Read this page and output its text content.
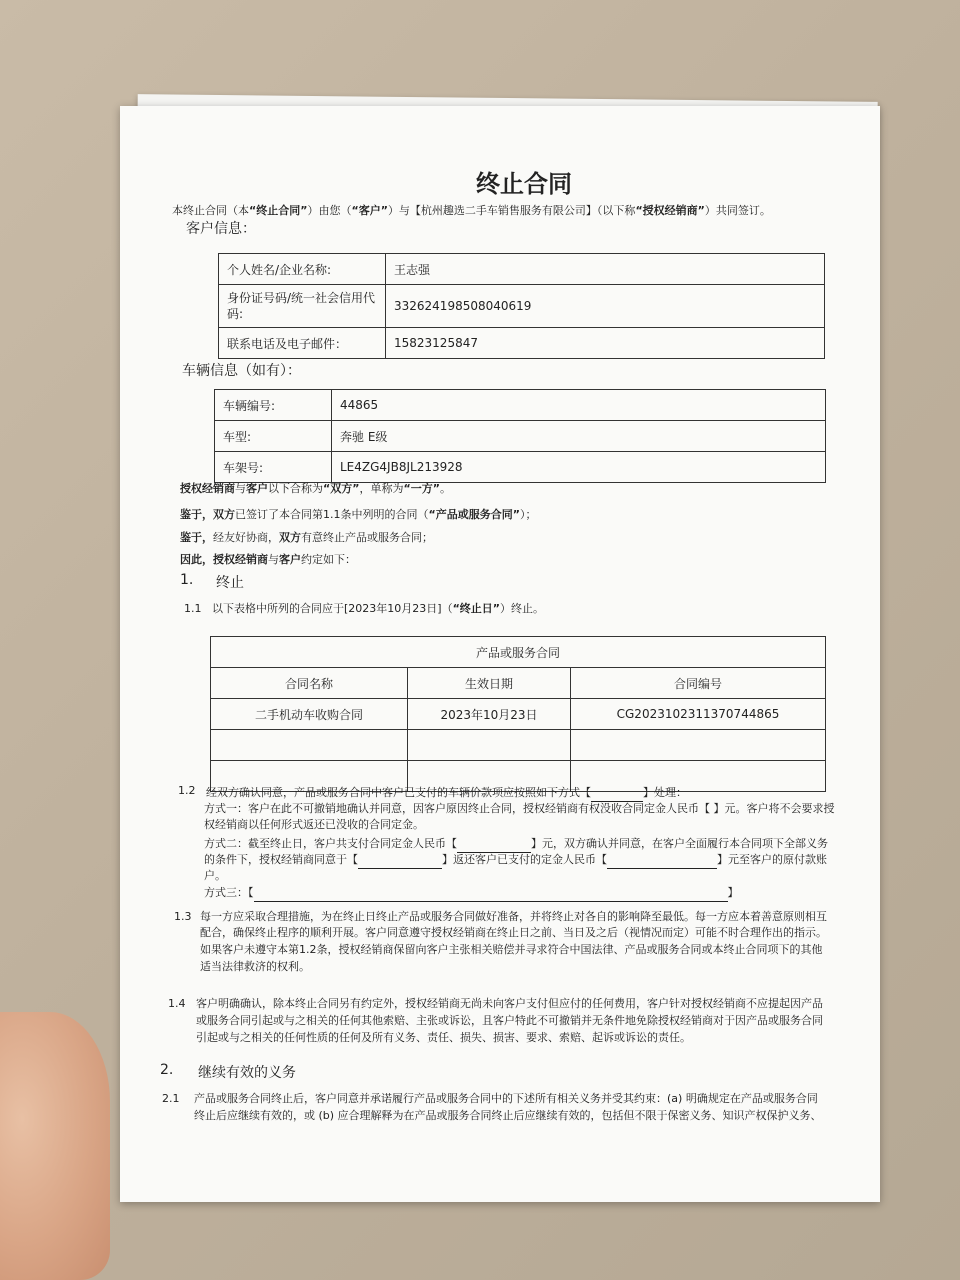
终止合同
本终止合同（本“终止合同”）由您（“客户”）与【杭州趣选二手车销售服务有限公司】（以下称“授权经销商”）共同签订。
客户信息：
个人姓名/企业名称:	王志强
身份证号码/统一社会信用代码:	332624198508040619
联系电话及电子邮件：	15823125847
车辆信息（如有）：
车辆编号:	44865
车型:	奔驰 E级
车架号:	LE4ZG4JB8JL213928
授权经销商与客户以下合称为“双方”，单称为“一方”。
鉴于，双方已签订了本合同第1.1条中列明的合同（“产品或服务合同”）；
鉴于，经友好协商，双方有意终止产品或服务合同；
因此，授权经销商与客户约定如下：
1. 终止
1.1 以下表格中所列的合同应于[2023年10月23日]（“终止日”）终止。
产品或服务合同		
合同名称	生效日期	合同编号
二手机动车收购合同	2023年10月23日	CG2023102311370744865

1.2 经双方确认同意，产品或服务合同中客户已支付的车辆价款项应按照如下方式【	】处理：
方式一：客户在此不可撤销地确认并同意，因客户原因终止合同，授权经销商有权没收合同定金人民币【 】元。客户将不会要求授
权经销商以任何形式返还已没收的合同定金。
方式二：截至终止日，客户共支付合同定金人民币【	】元，双方确认并同意，在客户全面履行本合同项下全部义务
的条件下，授权经销商同意于【	】返还客户已支付的定金人民币【	】元至客户的原付款账
户。
方式三：【	】
1.3 每一方应采取合理措施，为在终止日终止产品或服务合同做好准备，并将终止对各自的影响降至最低。每一方应本着善意原则相互
配合，确保终止程序的顺利开展。客户同意遵守授权经销商在终止日之前、当日及之后（视情况而定）可能不时合理作出的指示。
如果客户未遵守本第1.2条，授权经销商保留向客户主张相关赔偿并寻求符合中国法律、产品或服务合同或本终止合同项下的其他
适当法律救济的权利。
1.4 客户明确确认，除本终止合同另有约定外，授权经销商无尚未向客户支付但应付的任何费用，客户针对授权经销商不应提起因产品
或服务合同引起或与之相关的任何其他索赔、主张或诉讼，且客户特此不可撤销并无条件地免除授权经销商对于因产品或服务合同
引起或与之相关的任何性质的任何及所有义务、责任、损失、损害、要求、索赔、起诉或诉讼的责任。
2. 继续有效的义务
2.1 产品或服务合同终止后，客户同意并承诺履行产品或服务合同中的下述所有相关义务并受其约束：(a) 明确规定在产品或服务合同
终止后应继续有效的，或 (b) 应合理解释为在产品或服务合同终止后应继续有效的，包括但不限于保密义务、知识产权保护义务、
